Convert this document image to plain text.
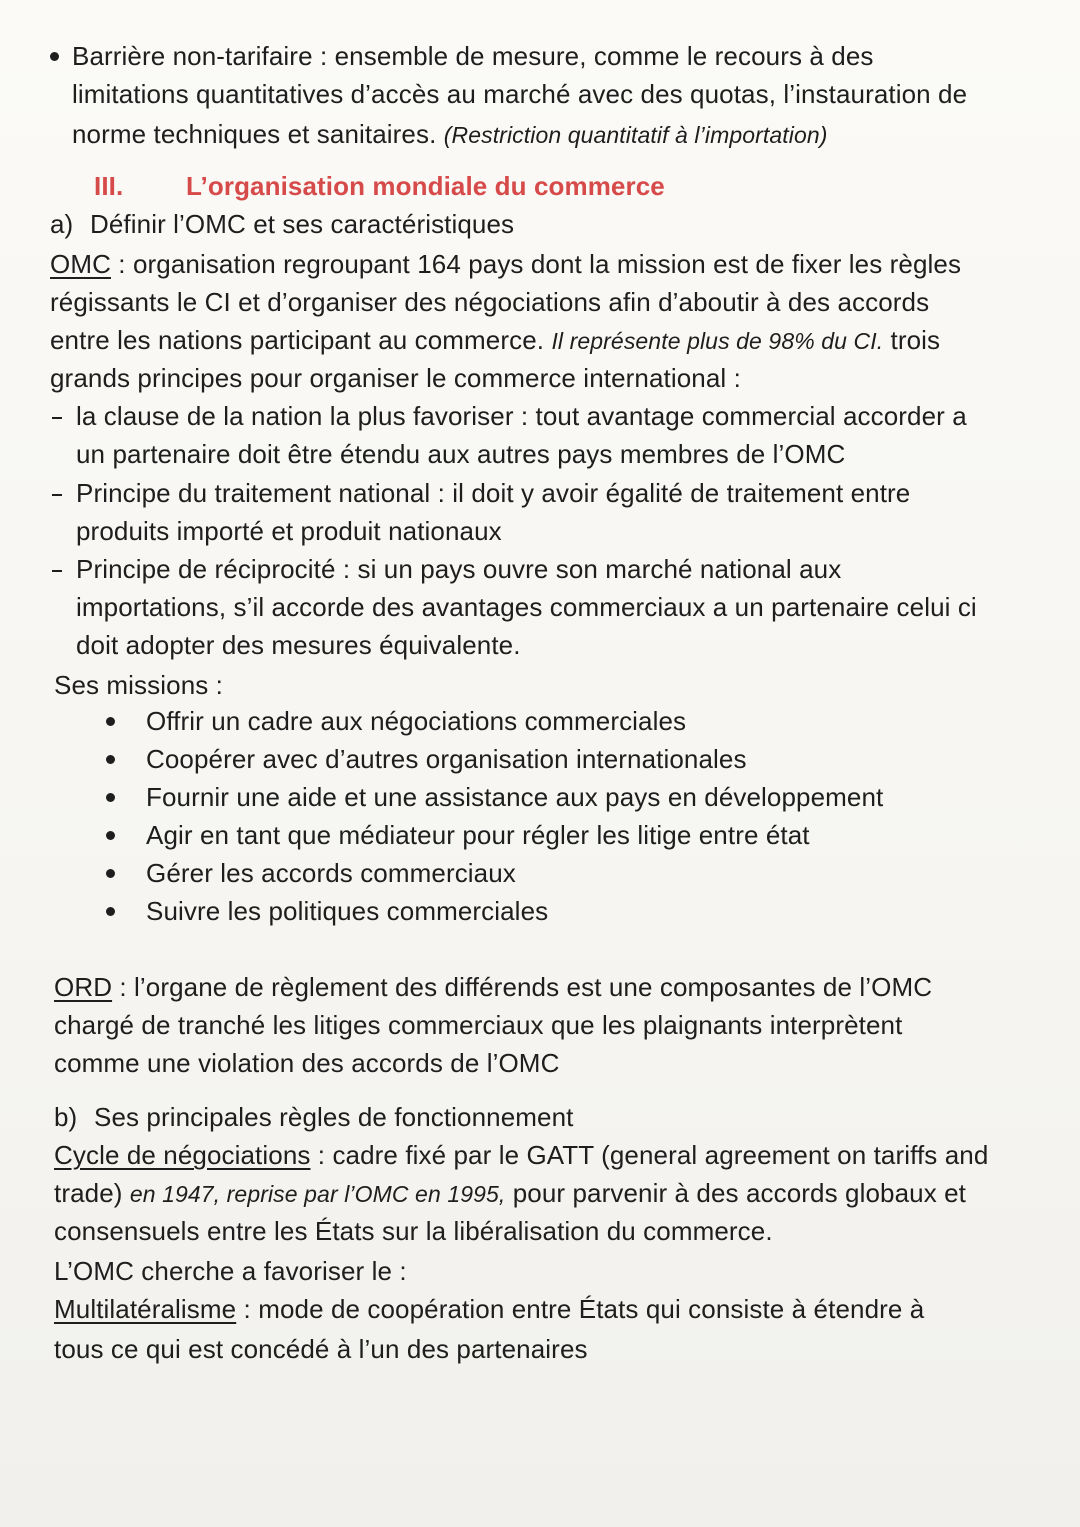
Barrière non-tarifaire : ensemble de mesure, comme le recours à des
limitations quantitatives d’accès au marché avec des quotas, l’instauration de
norme techniques et sanitaires. (Restriction quantitatif à l’importation)
III. L’organisation mondiale du commerce
a) Définir l’OMC et ses caractéristiques
OMC : organisation regroupant 164 pays dont la mission est de fixer les règles
régissants le CI et d’organiser des négociations afin d’aboutir à des accords
entre les nations participant au commerce. Il représente plus de 98% du CI. trois
grands principes pour organiser le commerce international :
la clause de la nation la plus favoriser : tout avantage commercial accorder a
un partenaire doit être étendu aux autres pays membres de l’OMC
Principe du traitement national : il doit y avoir égalité de traitement entre
produits importé et produit nationaux
Principe de réciprocité : si un pays ouvre son marché national aux
importations, s’il accorde des avantages commerciaux a un partenaire celui ci
doit adopter des mesures équivalente.
Ses missions :
Offrir un cadre aux négociations commerciales
Coopérer avec d’autres organisation internationales
Fournir une aide et une assistance aux pays en développement
Agir en tant que médiateur pour régler les litige entre état
Gérer les accords commerciaux
Suivre les politiques commerciales
ORD : l’organe de règlement des différends est une composantes de l’OMC
chargé de tranché les litiges commerciaux que les plaignants interprètent
comme une violation des accords de l’OMC
b) Ses principales règles de fonctionnement
Cycle de négociations : cadre fixé par le GATT (general agreement on tariffs and
trade) en 1947, reprise par l’OMC en 1995, pour parvenir à des accords globaux et
consensuels entre les États sur la libéralisation du commerce.
L’OMC cherche a favoriser le :
Multilatéralisme : mode de coopération entre États qui consiste à étendre à
tous ce qui est concédé à l’un des partenaires
